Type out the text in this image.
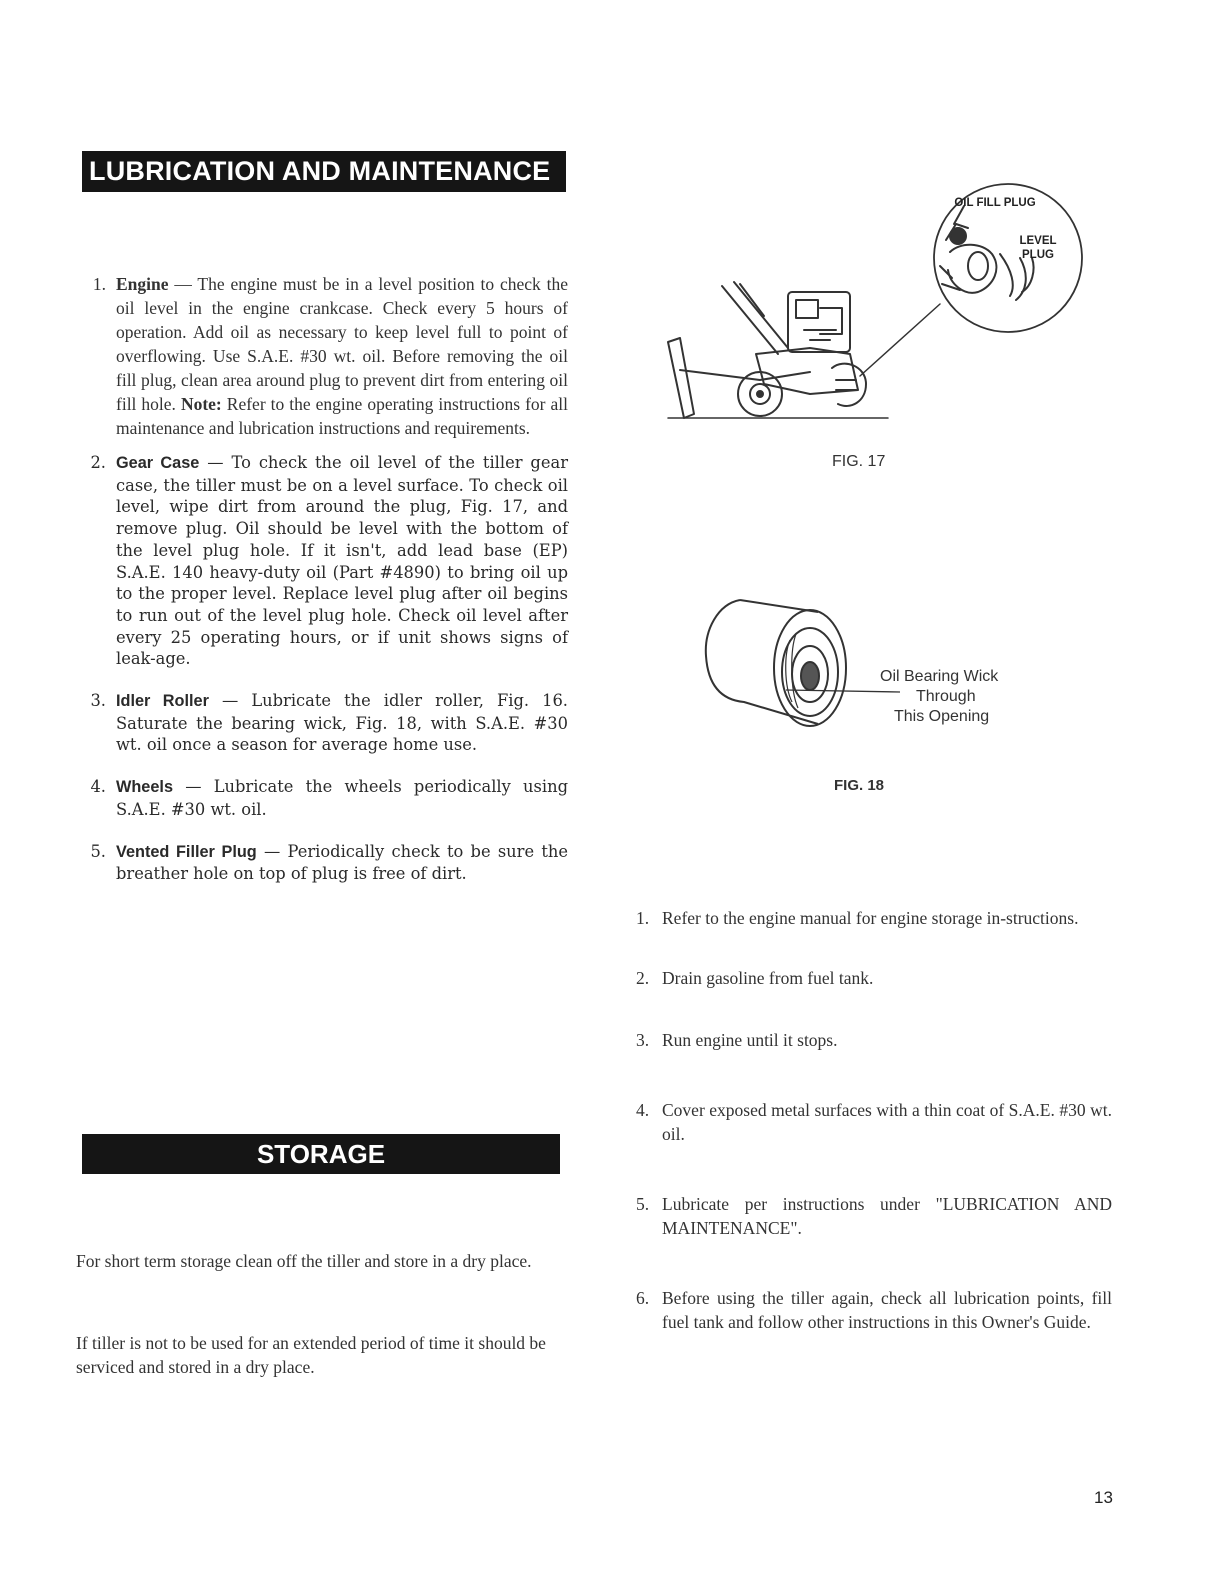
LUBRICATION AND MAINTENANCE
1. Engine — The engine must be in a level position to check the oil level in the engine crankcase. Check every 5 hours of operation. Add oil as necessary to keep level full to point of overflowing. Use S.A.E. #30 wt. oil. Before removing the oil fill plug, clean area around plug to prevent dirt from entering oil fill hole. Note: Refer to the engine operating instructions for all maintenance and lubrication instructions and requirements.
2. Gear Case — To check the oil level of the tiller gear case, the tiller must be on a level surface. To check oil level, wipe dirt from around the plug, Fig. 17, and remove plug. Oil should be level with the bottom of the level plug hole. If it isn't, add lead base (EP) S.A.E. 140 heavy-duty oil (Part #4890) to bring oil up to the proper level. Replace level plug after oil begins to run out of the level plug hole. Check oil level after every 25 operating hours, or if unit shows signs of leak-age.
3. Idler Roller — Lubricate the idler roller, Fig. 16. Saturate the bearing wick, Fig. 18, with S.A.E. #30 wt. oil once a season for average home use.
4. Wheels — Lubricate the wheels periodically using S.A.E. #30 wt. oil.
5. Vented Filler Plug — Periodically check to be sure the breather hole on top of plug is free of dirt.
OIL FILL PLUG
LEVEL
PLUG
FIG. 17
Oil Bearing Wick
Through
This Opening
FIG. 18
STORAGE

For short term storage clean off the tiller and store in a dry place.

If tiller is not to be used for an extended period of time it should be serviced and stored in a dry place.

1. Refer to the engine manual for engine storage in-structions.
2. Drain gasoline from fuel tank.
3. Run engine until it stops.
4. Cover exposed metal surfaces with a thin coat of S.A.E. #30 wt. oil.
5. Lubricate per instructions under "LUBRICATION AND MAINTENANCE".
6. Before using the tiller again, check all lubrication points, fill fuel tank and follow other instructions in this Owner's Guide.
13
